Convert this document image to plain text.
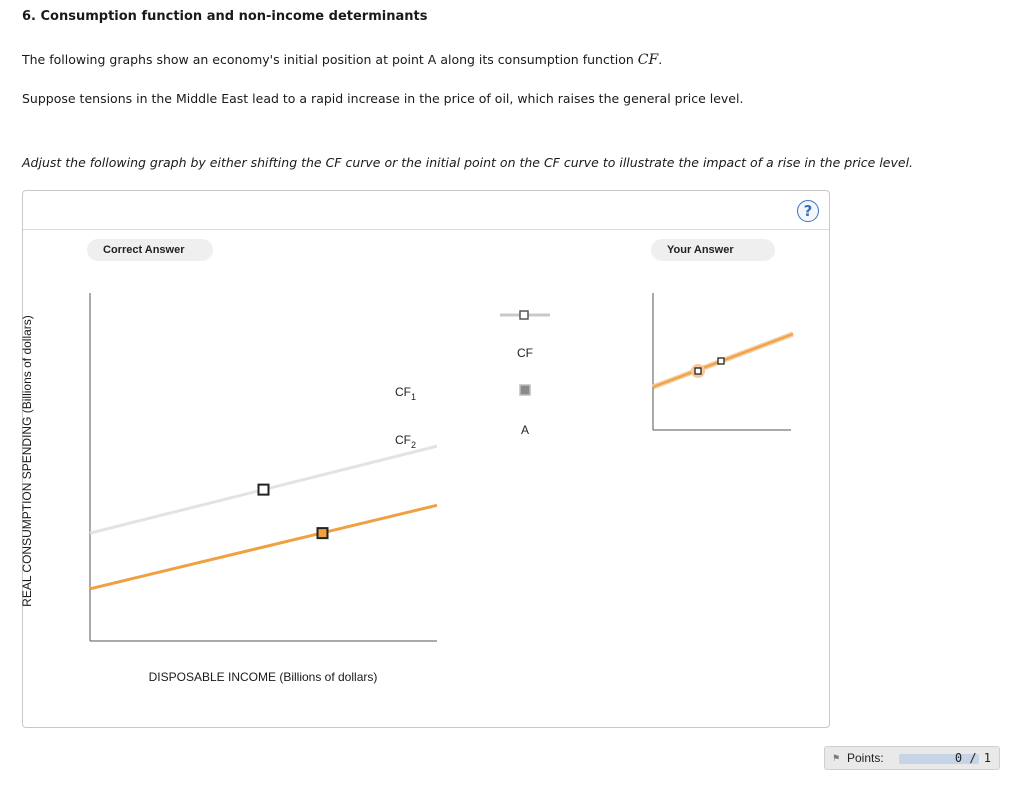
6. Consumption function and non-income determinants
The following graphs show an economy's initial position at point A along its consumption function CF.
Suppose tensions in the Middle East lead to a rapid increase in the price of oil, which raises the general price level.
Adjust the following graph by either shifting the CF curve or the initial point on the CF curve to illustrate the impact of a rise in the price level.
?
Correct Answer	Your Answer
$CF_1$
$CF_2$
CF
A
REAL CONSUMPTION SPENDING (Billions of dollars)
DISPOSABLE INCOME (Billions of dollars)
⚑ Points:	0 / 1
